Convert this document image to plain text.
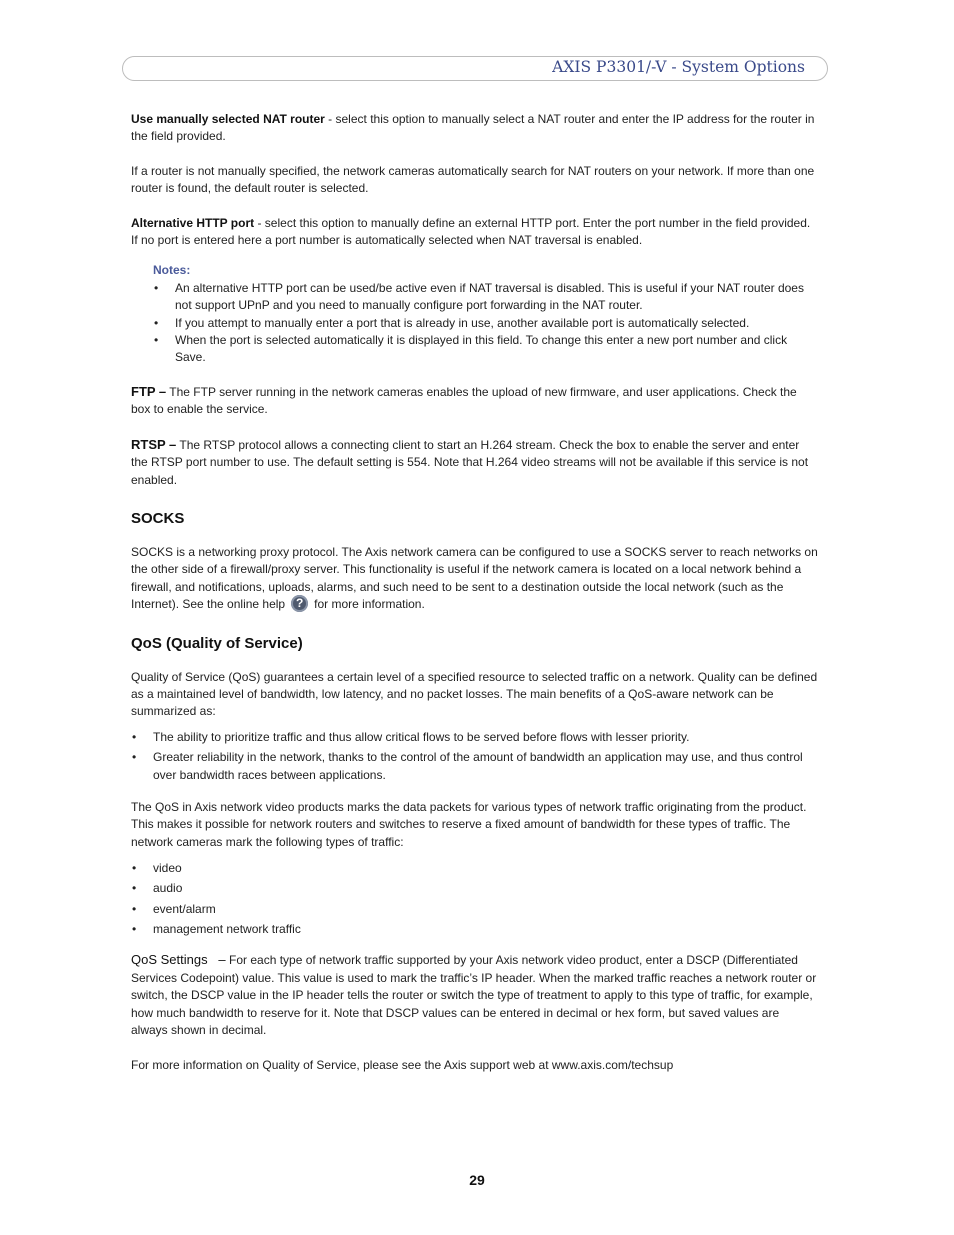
AXIS P3301/-V - System Options

Use manually selected NAT router - select this option to manually select a NAT router and enter the IP address for the router in the field provided.

If a router is not manually specified, the network cameras automatically search for NAT routers on your network. If more than one router is found, the default router is selected.

Alternative HTTP port - select this option to manually define an external HTTP port. Enter the port number in the field provided. If no port is entered here a port number is automatically selected when NAT traversal is enabled.

Notes:
• An alternative HTTP port can be used/be active even if NAT traversal is disabled. This is useful if your NAT router does not support UPnP and you need to manually configure port forwarding in the NAT router.
• If you attempt to manually enter a port that is already in use, another available port is automatically selected.
• When the port is selected automatically it is displayed in this field. To change this enter a new port number and click Save.

FTP – The FTP server running in the network cameras enables the upload of new firmware, and user applications. Check the box to enable the service.

RTSP – The RTSP protocol allows a connecting client to start an H.264 stream. Check the box to enable the server and enter the RTSP port number to use. The default setting is 554. Note that H.264 video streams will not be available if this service is not enabled.

SOCKS

SOCKS is a networking proxy protocol. The Axis network camera can be configured to use a SOCKS server to reach networks on the other side of a firewall/proxy server. This functionality is useful if the network camera is located on a local network behind a firewall, and notifications, uploads, alarms, and such need to be sent to a destination outside the local network (such as the Internet). See the online help ? for more information.

QoS (Quality of Service)

Quality of Service (QoS) guarantees a certain level of a specified resource to selected traffic on a network. Quality can be defined as a maintained level of bandwidth, low latency, and no packet losses. The main benefits of a QoS-aware network can be summarized as:

• The ability to prioritize traffic and thus allow critical flows to be served before flows with lesser priority.
• Greater reliability in the network, thanks to the control of the amount of bandwidth an application may use, and thus control over bandwidth races between applications.

The QoS in Axis network video products marks the data packets for various types of network traffic originating from the product. This makes it possible for network routers and switches to reserve a fixed amount of bandwidth for these types of traffic. The network cameras mark the following types of traffic:

• video
• audio
• event/alarm
• management network traffic

QoS Settings   – For each type of network traffic supported by your Axis network video product, enter a DSCP (Differentiated Services Codepoint) value. This value is used to mark the traffic’s IP header. When the marked traffic reaches a network router or switch, the DSCP value in the IP header tells the router or switch the type of treatment to apply to this type of traffic, for example, how much bandwidth to reserve for it. Note that DSCP values can be entered in decimal or hex form, but saved values are always shown in decimal.

For more information on Quality of Service, please see the Axis support web at www.axis.com/techsup

29
